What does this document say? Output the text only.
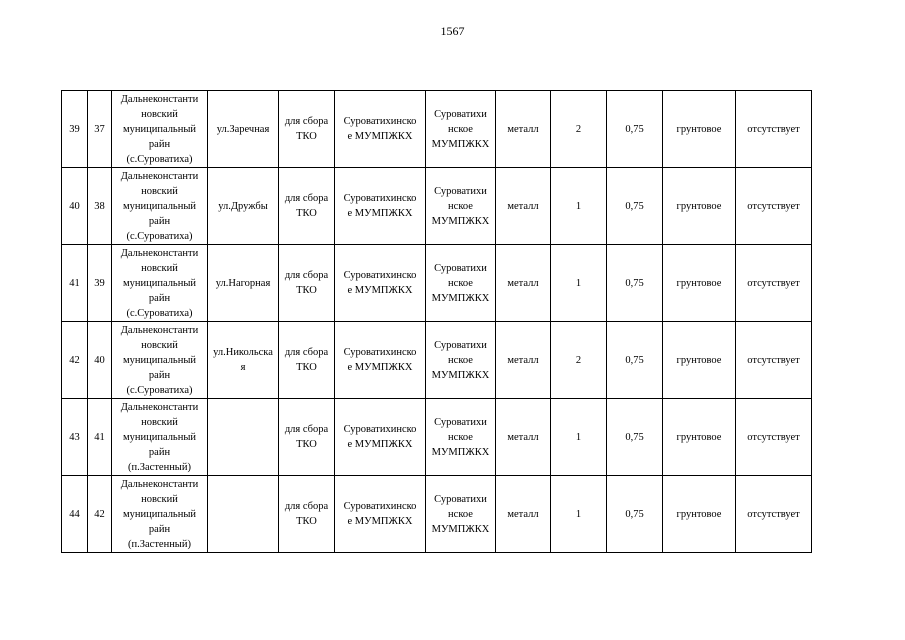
1567
39	37	Дальнеконстанти
новский
муниципальный
райн
(с.Суроватиха)	ул.Заречная	для сбора
ТКО	Суроватихинско
е МУМПЖКХ	Суроватихи
нское
МУМПЖКХ	металл	2	0,75	грунтовое	отсутствует
40	38	Дальнеконстанти
новский
муниципальный
райн
(с.Суроватиха)	ул.Дружбы	для сбора
ТКО	Суроватихинско
е МУМПЖКХ	Суроватихи
нское
МУМПЖКХ	металл	1	0,75	грунтовое	отсутствует
41	39	Дальнеконстанти
новский
муниципальный
райн
(с.Суроватиха)	ул.Нагорная	для сбора
ТКО	Суроватихинско
е МУМПЖКХ	Суроватихи
нское
МУМПЖКХ	металл	1	0,75	грунтовое	отсутствует
42	40	Дальнеконстанти
новский
муниципальный
райн
(с.Суроватиха)	ул.Никольска
я	для сбора
ТКО	Суроватихинско
е МУМПЖКХ	Суроватихи
нское
МУМПЖКХ	металл	2	0,75	грунтовое	отсутствует
43	41	Дальнеконстанти
новский
муниципальный
райн
(п.Застенный)		для сбора
ТКО	Суроватихинско
е МУМПЖКХ	Суроватихи
нское
МУМПЖКХ	металл	1	0,75	грунтовое	отсутствует
44	42	Дальнеконстанти
новский
муниципальный
райн
(п.Застенный)		для сбора
ТКО	Суроватихинско
е МУМПЖКХ	Суроватихи
нское
МУМПЖКХ	металл	1	0,75	грунтовое	отсутствует
